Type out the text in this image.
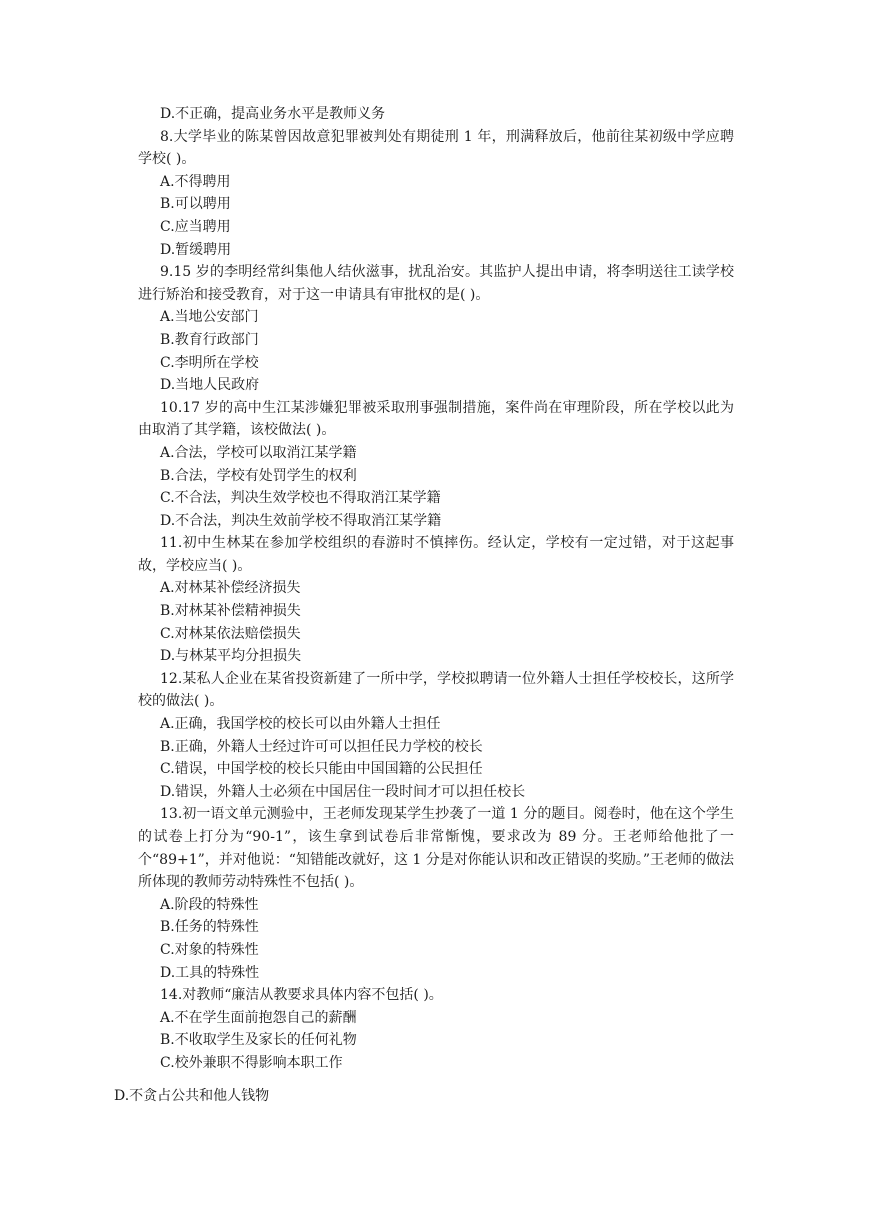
D.不正确，提高业务水平是教师义务

8.大学毕业的陈某曾因故意犯罪被判处有期徒刑 1 年，刑满释放后，他前往某初级中学应聘学校( )。

A.不得聘用

B.可以聘用

C.应当聘用

D.暂缓聘用

9.15 岁的李明经常纠集他人结伙滋事，扰乱治安。其监护人提出申请，将李明送往工读学校进行矫治和接受教育，对于这一申请具有审批权的是( )。

A.当地公安部门

B.教育行政部门

C.李明所在学校

D.当地人民政府

10.17 岁的高中生江某涉嫌犯罪被采取刑事强制措施，案件尚在审理阶段，所在学校以此为由取消了其学籍，该校做法( )。

A.合法，学校可以取消江某学籍

B.合法，学校有处罚学生的权利

C.不合法，判决生效学校也不得取消江某学籍

D.不合法，判决生效前学校不得取消江某学籍

11.初中生林某在参加学校组织的春游时不慎摔伤。经认定，学校有一定过错，对于这起事故，学校应当( )。

A.对林某补偿经济损失

B.对林某补偿精神损失

C.对林某依法赔偿损失

D.与林某平均分担损失

12.某私人企业在某省投资新建了一所中学，学校拟聘请一位外籍人士担任学校校长，这所学校的做法( )。

A.正确，我国学校的校长可以由外籍人士担任

B.正确，外籍人士经过许可可以担任民力学校的校长

C.错误，中国学校的校长只能由中国国籍的公民担任

D.错误，外籍人士必须在中国居住一段时间才可以担任校长

13.初一语文单元测验中，王老师发现某学生抄袭了一道 1 分的题目。阅卷时，他在这个学生的试卷上打分为“90-1”，该生拿到试卷后非常惭愧，要求改为 89 分。王老师给他批了一个“89+1”，并对他说：“知错能改就好，这 1 分是对你能认识和改正错误的奖励。”王老师的做法所体现的教师劳动特殊性不包括( )。

A.阶段的特殊性

B.任务的特殊性

C.对象的特殊性

D.工具的特殊性

14.对教师“廉洁从教要求具体内容不包括( )。

A.不在学生面前抱怨自己的薪酬

B.不收取学生及家长的任何礼物

C.校外兼职不得影响本职工作

D.不贪占公共和他人钱物
